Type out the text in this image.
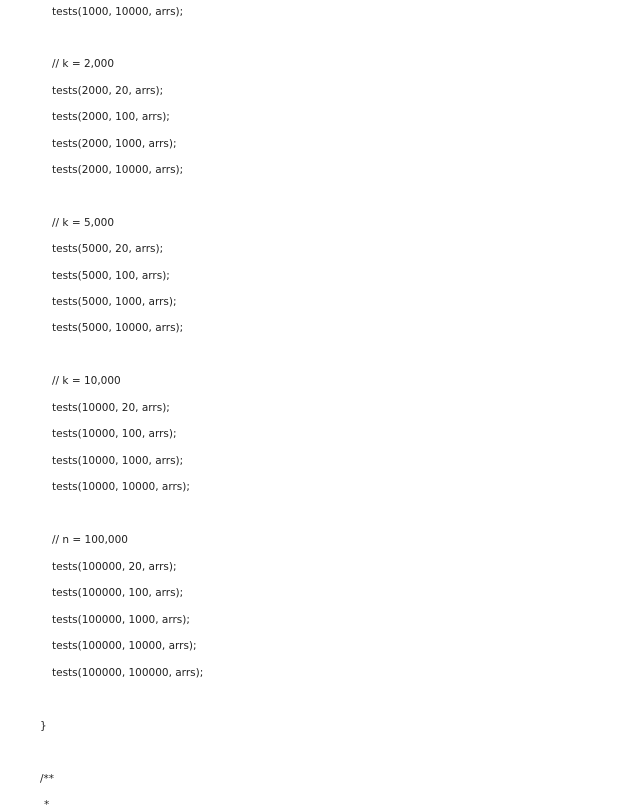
tests(1000, 10000, arrs);
// k = 2,000
tests(2000, 20, arrs);
tests(2000, 100, arrs);
tests(2000, 1000, arrs);
tests(2000, 10000, arrs);
// k = 5,000
tests(5000, 20, arrs);
tests(5000, 100, arrs);
tests(5000, 1000, arrs);
tests(5000, 10000, arrs);
// k = 10,000
tests(10000, 20, arrs);
tests(10000, 100, arrs);
tests(10000, 1000, arrs);
tests(10000, 10000, arrs);
// n = 100,000
tests(100000, 20, arrs);
tests(100000, 100, arrs);
tests(100000, 1000, arrs);
tests(100000, 10000, arrs);
tests(100000, 100000, arrs);
}
/**
*
